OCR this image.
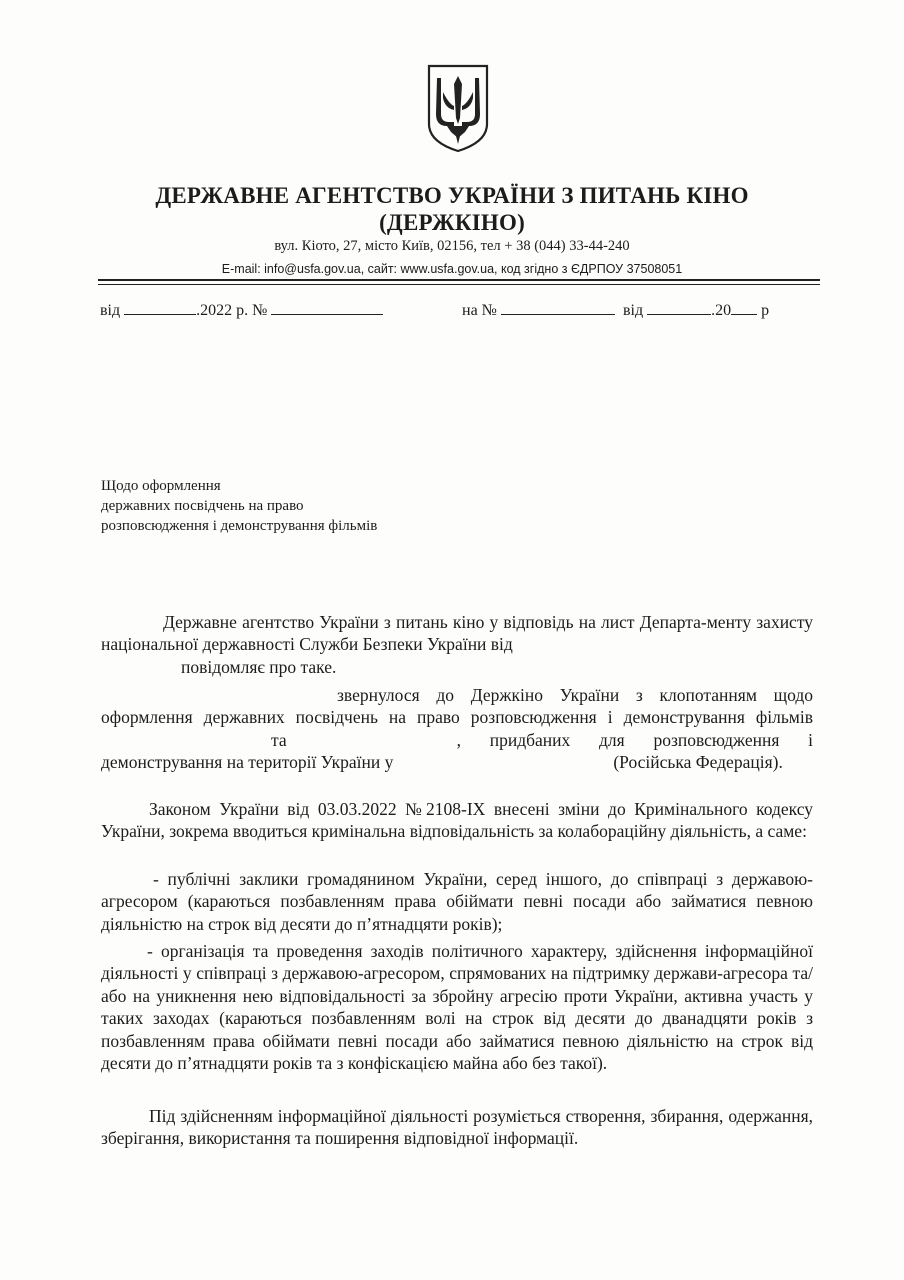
ДЕРЖАВНЕ АГЕНТСТВО УКРАЇНИ З ПИТАНЬ КІНО
(ДЕРЖКІНО)
вул. Кіото, 27, місто Київ, 02156, тел + 38 (044) 33-44-240
E-mail: info@usfa.gov.ua, сайт: www.usfa.gov.ua, код згідно з ЄДРПОУ 37508051
від	.2022 р. №	на №	від	.20 р
Щодо оформлення
державних посвідчень на право
розповсюдження і демонстрування фільмів

Державне агентство України з питань кіно у відповідь на лист Департа-менту захисту національної державності Служби Безпеки України від

повідомляє про таке.

звернулося до Держкіно України з клопотанням щодо оформлення державних посвідчень на право розповсюдження і демонстрування фільмівта	, придбаних для розповсюдження і демонстрування на території України у	(Російська Федерація).

Законом України від 03.03.2022 №2108-IX внесені зміни до Кримінального кодексу України, зокрема вводиться кримінальна відповідальність за колабораційну діяльність, а саме:

- публічні заклики громадянином України, серед іншого, до співпраці з державою-агресором (караються позбавленням права обіймати певні посади або займатися певною діяльністю на строк від десяти до п’ятнадцяти років);

- організація та проведення заходів політичного характеру, здійснення інформаційної діяльності у співпраці з державою-агресором, спрямованих на підтримку держави-агресора та/або на уникнення нею відповідальності за збройну агресію проти України, активна участь у таких заходах (караються позбавленням волі на строк від десяти до дванадцяти років з позбавленням права обіймати певні посади або займатися певною діяльністю на строк від десяти до п’ятнадцяти років та з конфіскацією майна або без такої).

Під здійсненням інформаційної діяльності розуміється створення, збирання, одержання, зберігання, використання та поширення відповідної інформації.
